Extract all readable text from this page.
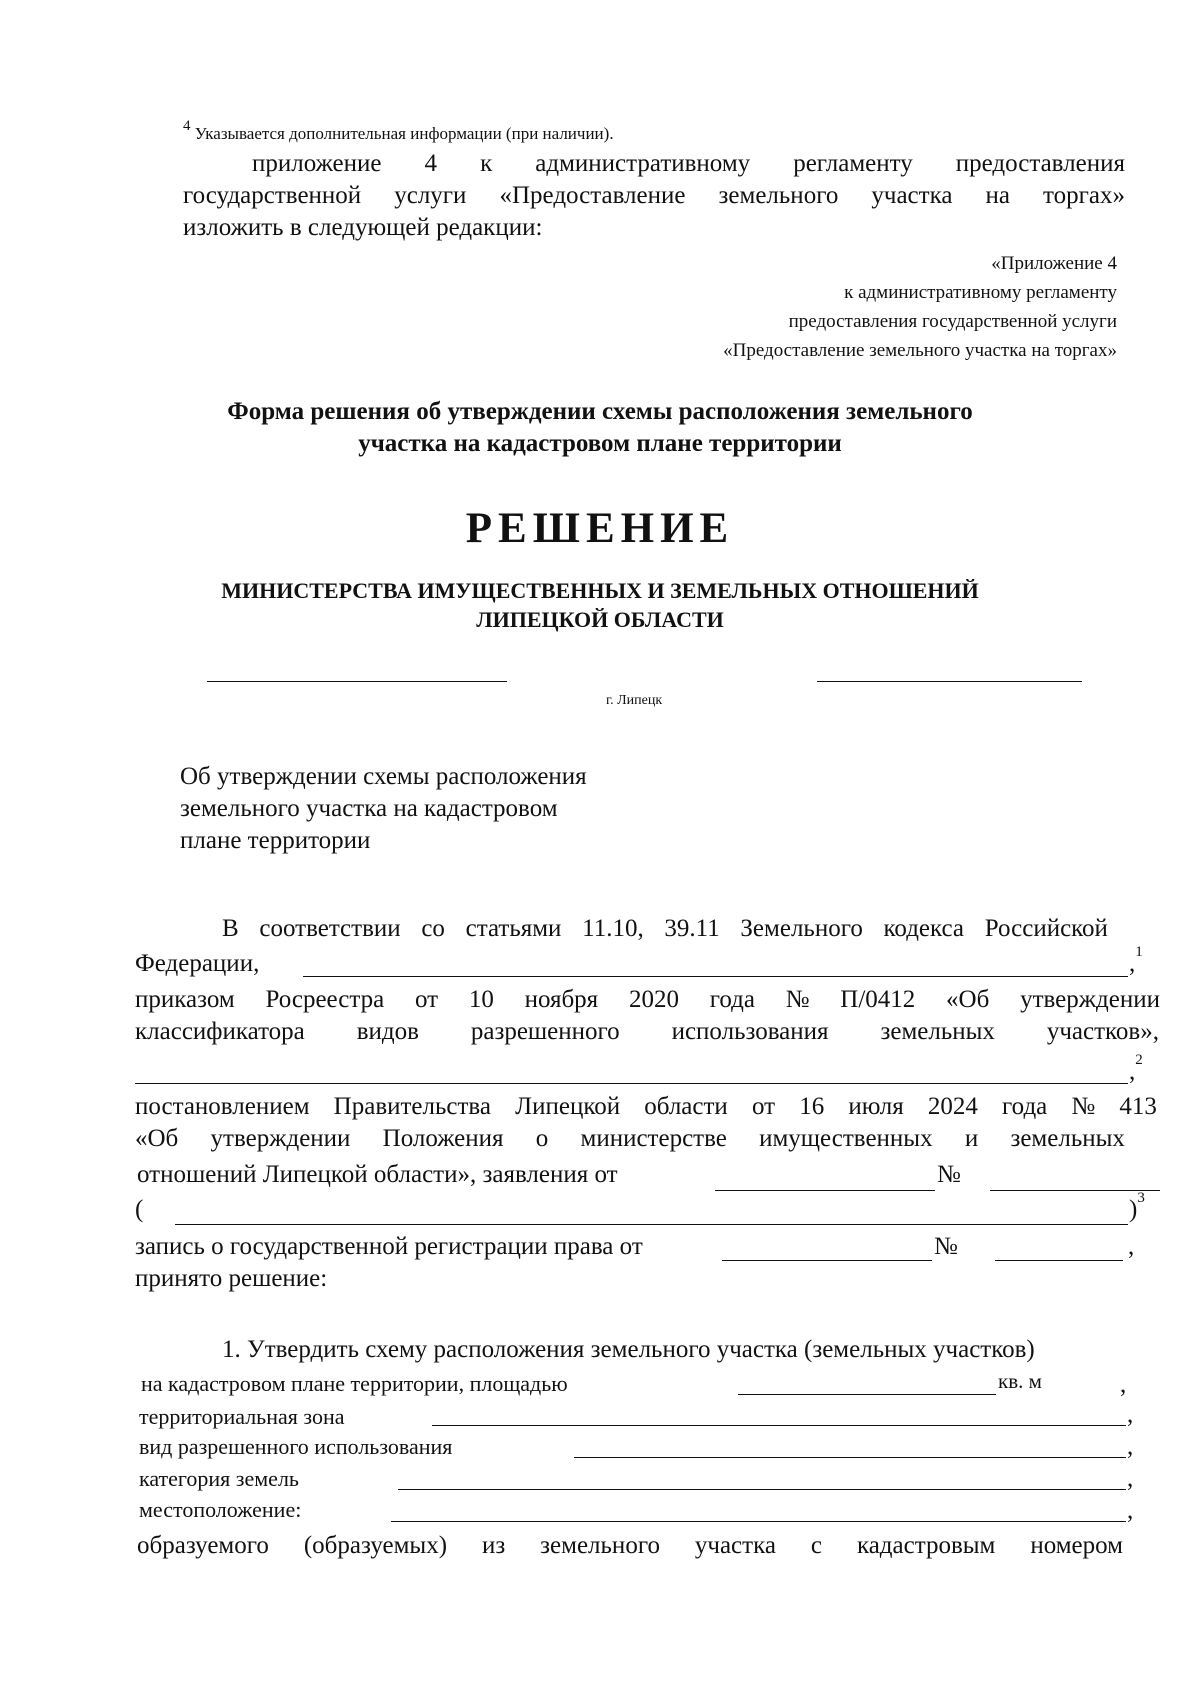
$^4$ Указывается дополнительная информации (при наличии).
приложение 4 к административному регламенту предоставления
государственной услуги «Предоставление земельного участка на торгах»
изложить в следующей редакции:
«Приложение 4
к административному регламенту
предоставления государственной услуги
«Предоставление земельного участка на торгах»
Форма решения об утверждении схемы расположения земельного
участка на кадастровом плане территории
РЕШЕНИЕ
МИНИСТЕРСТВА ИМУЩЕСТВЕННЫХ И ЗЕМЕЛЬНЫХ ОТНОШЕНИЙ
ЛИПЕЦКОЙ ОБЛАСТИ
г. Липецк
Об утверждении схемы расположения
земельного участка на кадастровом
плане территории
В соответствии со статьями 11.10, 39.11 Земельного кодекса Российской
Федерации,	,$^1$
приказом Росреестра от 10 ноября 2020 года № П/0412 «Об утверждении
классификатора видов разрешенного использования земельных участков»,
,$^2$
постановлением Правительства Липецкой области от 16 июля 2024 года № 413
«Об утверждении Положения о министерстве имущественных и земельных
отношений Липецкой области», заявления от	№
(	)$^3$
запись о государственной регистрации права от	№	,
принято решение:
1. Утвердить схему расположения земельного участка (земельных участков)
на кадастровом плане территории, площадью	кв. м	,
территориальная зона	,
вид разрешенного использования	,
категория земель	,
местоположение:	,
образуемого (образуемых) из земельного участка с кадастровым номером
